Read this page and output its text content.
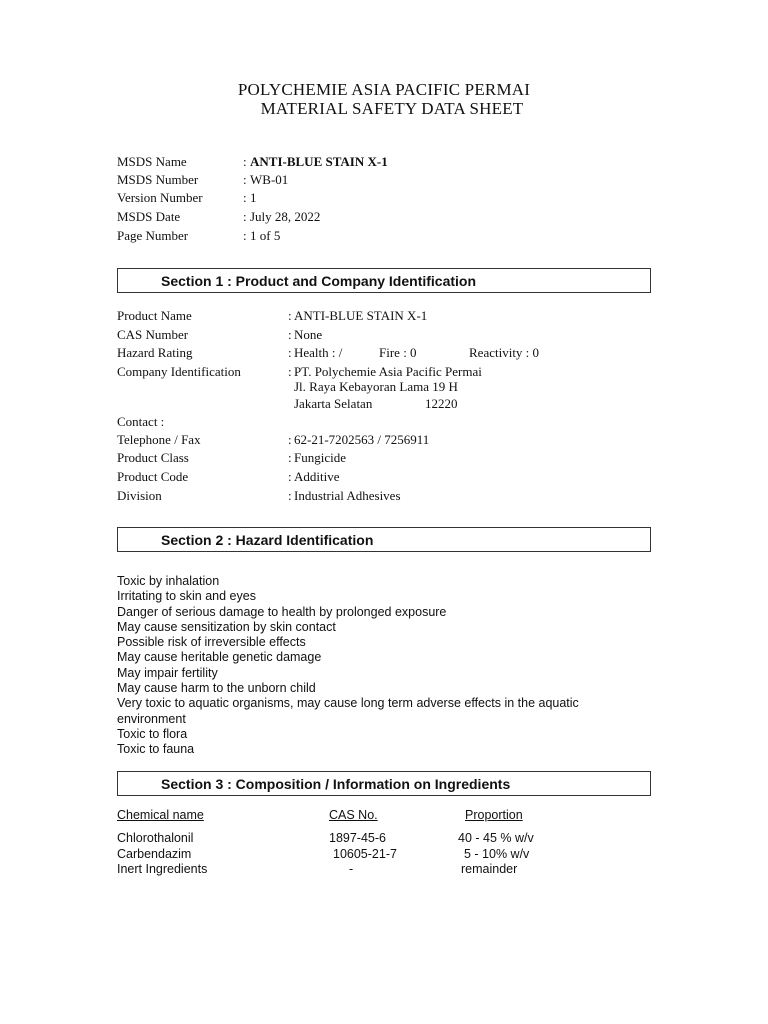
POLYCHEMIE ASIA PACIFIC PERMAI
MATERIAL SAFETY DATA SHEET
MSDS Name	: ANTI-BLUE STAIN X-1
MSDS Number	: WB-01
Version Number	: 1
MSDS Date	: July 28, 2022
Page Number	: 1 of 5
Section 1 : Product and Company Identification
Product Name	: ANTI-BLUE STAIN X-1
CAS Number	: None
Hazard Rating	: Health : /	Fire : 0	Reactivity : 0
Company Identification	: PT. Polychemie Asia Pacific Permai
Jl. Raya Kebayoran Lama 19 H
Jakarta Selatan	12220
Contact :
Telephone / Fax	: 62-21-7202563 / 7256911
Product Class	: Fungicide
Product Code	: Additive
Division	: Industrial Adhesives
Section 2 : Hazard Identification
Toxic by inhalation
Irritating to skin and eyes
Danger of serious damage to health by prolonged exposure
May cause sensitization by skin contact
Possible risk of irreversible effects
May cause heritable genetic damage
May impair fertility
May cause harm to the unborn child
Very toxic to aquatic organisms, may cause long term adverse effects in the aquatic
environment
Toxic to flora
Toxic to fauna
Section 3 : Composition / Information on Ingredients
Chemical name	CAS No.	Proportion
Chlorothalonil	1897-45-6	40 - 45 % w/v
Carbendazim	10605-21-7	5 - 10% w/v
Inert Ingredients	-	remainder
